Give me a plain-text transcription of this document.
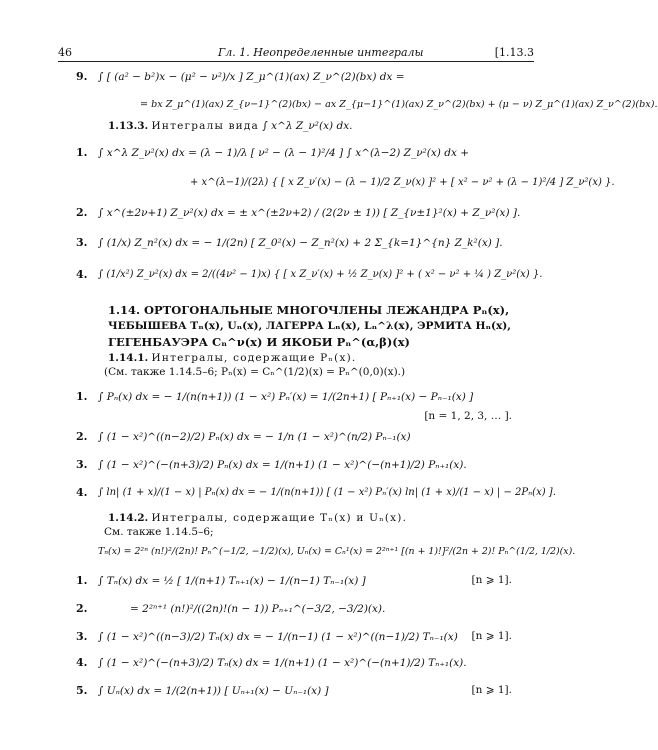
46	Гл. 1. Неопределенные интегралы	[1.13.3
9. ∫ [ (a² − b²)x − (μ² − ν²)/x ] Z_μ^(1)(ax) Z_ν^(2)(bx) dx =
= bx Z_μ^(1)(ax) Z_{ν−1}^(2)(bx) − ax Z_{μ−1}^(1)(ax) Z_ν^(2)(bx) + (μ − ν) Z_μ^(1)(ax) Z_ν^(2)(bx).
1.13.3. Интегралы вида ∫ x^λ Z_ν²(x) dx.
1. ∫ x^λ Z_ν²(x) dx = (λ − 1)/λ [ ν² − (λ − 1)²/4 ] ∫ x^(λ−2) Z_ν²(x) dx +
+ x^(λ−1)/(2λ) { [ x Z_ν′(x) − (λ − 1)/2 Z_ν(x) ]² + [ x² − ν² + (λ − 1)²/4 ] Z_ν²(x) }.
2. ∫ x^(±2ν+1) Z_ν²(x) dx = ± x^(±2ν+2) / (2(2ν ± 1)) [ Z_{ν±1}²(x) + Z_ν²(x) ].
3. ∫ (1/x) Z_n²(x) dx = − 1/(2n) [ Z_0²(x) − Z_n²(x) + 2 Σ_{k=1}^{n} Z_k²(x) ].
4. ∫ (1/x²) Z_ν²(x) dx = 2/((4ν² − 1)x) { [ x Z_ν′(x) + ½ Z_ν(x) ]² + ( x² − ν² + ¼ ) Z_ν²(x) }.
1.14. ОРТОГОНАЛЬНЫЕ МНОГОЧЛЕНЫ ЛЕЖАНДРА Pₙ(x),
ЧЕБЫШЕВА Tₙ(x), Uₙ(x), ЛАГЕРРА Lₙ(x), Lₙ^λ(x), ЭРМИТА Hₙ(x),
ГЕГЕНБАУЭРА Cₙ^ν(x) И ЯКОБИ Pₙ^(α,β)(x)
1.14.1. Интегралы, содержащие Pₙ(x).
(См. также 1.14.5–6; Pₙ(x) = Cₙ^(1/2)(x) = Pₙ^(0,0)(x).)
1. ∫ Pₙ(x) dx = − 1/(n(n+1)) (1 − x²) Pₙ′(x) = 1/(2n+1) [ Pₙ₊₁(x) − Pₙ₋₁(x) ]
[n = 1, 2, 3, … ].
2. ∫ (1 − x²)^((n−2)/2) Pₙ(x) dx = − 1/n (1 − x²)^(n/2) Pₙ₋₁(x)
3. ∫ (1 − x²)^(−(n+3)/2) Pₙ(x) dx = 1/(n+1) (1 − x²)^(−(n+1)/2) Pₙ₊₁(x).
4. ∫ ln| (1 + x)/(1 − x) | Pₙ(x) dx = − 1/(n(n+1)) [ (1 − x²) Pₙ′(x) ln| (1 + x)/(1 − x) | − 2Pₙ(x) ].
1.14.2. Интегралы, содержащие Tₙ(x) и Uₙ(x).
См. также 1.14.5–6;
Tₙ(x) = 2²ⁿ (n!)²/(2n)! Pₙ^(−1/2, −1/2)(x), Uₙ(x) = Cₙ¹(x) = 2²ⁿ⁺¹ [(n + 1)!]²/(2n + 2)! Pₙ^(1/2, 1/2)(x).
1. ∫ Tₙ(x) dx = ½ [ 1/(n+1) Tₙ₊₁(x) − 1/(n−1) Tₙ₋₁(x) ]	[n ⩾ 1].
2.	= 2²ⁿ⁺¹ (n!)²/((2n)!(n − 1)) Pₙ₊₁^(−3/2, −3/2)(x).
3. ∫ (1 − x²)^((n−3)/2) Tₙ(x) dx = − 1/(n−1) (1 − x²)^((n−1)/2) Tₙ₋₁(x)	[n ⩾ 1].
4. ∫ (1 − x²)^(−(n+3)/2) Tₙ(x) dx = 1/(n+1) (1 − x²)^(−(n+1)/2) Tₙ₊₁(x).
5. ∫ Uₙ(x) dx = 1/(2(n+1)) [ Uₙ₊₁(x) − Uₙ₋₁(x) ]	[n ⩾ 1].
